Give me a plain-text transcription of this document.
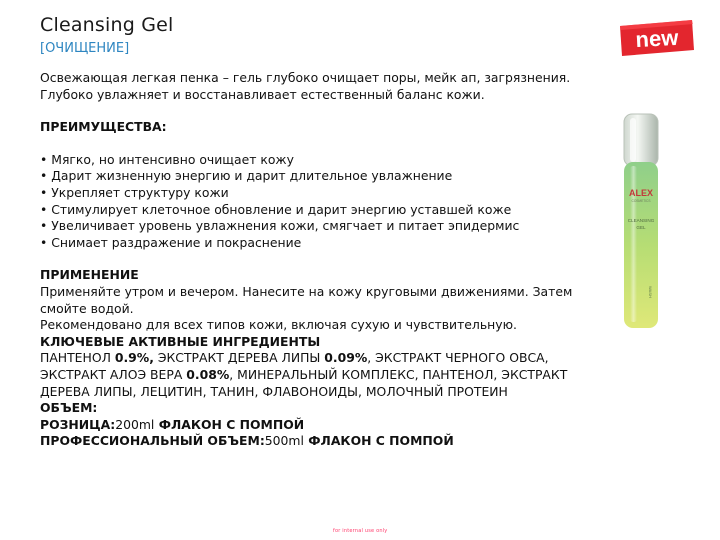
Cleansing Gel
[ОЧИЩЕНИЕ]	new
ALEX
COSMETICS
CLEANSING
GEL
WASH

Освежающая легкая пенка – гель глубоко очищает поры, мейк ап, загрязнения. Глубоко увлажняет и восстанавливает естественный баланс кожи.

ПРЕИМУЩЕСТВА:

• Мягко, но интенсивно очищает кожу

• Дарит жизненную энергию и дарит длительное увлажнение

• Укрепляет структуру кожи

• Стимулирует клеточное обновление и дарит энергию уставшей коже

• Увеличивает уровень увлажнения кожи, смягчает и питает эпидермис

• Снимает раздражение и покраснение

ПРИМЕНЕНИЕ

Применяйте утром и вечером. Нанесите на кожу круговыми движениями. Затем смойте водой.

Рекомендовано для всех типов кожи, включая сухую и чувствительную.

КЛЮЧЕВЫЕ АКТИВНЫЕ ИНГРЕДИЕНТЫ

ПАНТЕНОЛ 0.9%, ЭКСТРАКТ ДЕРЕВА ЛИПЫ 0.09%, ЭКСТРАКТ ЧЕРНОГО ОВСА, ЭКСТРАКТ АЛОЭ ВЕРА 0.08%, МИНЕРАЛЬНЫЙ КОМПЛЕКС, ПАНТЕНОЛ, ЭКСТРАКТ ДЕРЕВА ЛИПЫ, ЛЕЦИТИН, ТАНИН, ФЛАВОНОИДЫ, МОЛОЧНЫЙ ПРОТЕИН

ОБЪЕМ:

РОЗНИЦА:200ml ФЛАКОН С ПОМПОЙ

ПРОФЕССИОНАЛЬНЫЙ ОБЪЕМ:500ml ФЛАКОН С ПОМПОЙ

for internal use only
